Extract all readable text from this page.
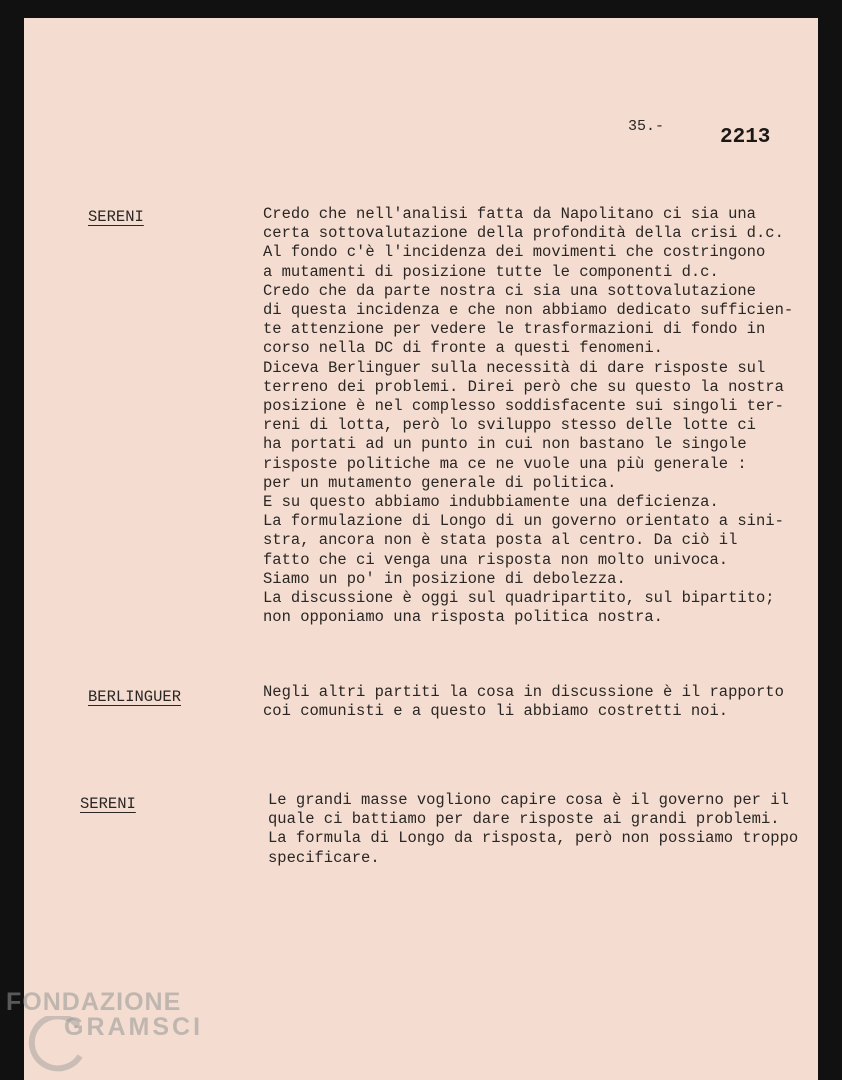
35.-	2213
SERENI	Credo che nell'analisi fatta da Napolitano ci sia una
certa sottovalutazione della profondità della crisi d.c.
Al fondo c'è l'incidenza dei movimenti che costringono
a mutamenti di posizione tutte le componenti d.c.
Credo che da parte nostra ci sia una sottovalutazione
di questa incidenza e che non abbiamo dedicato sufficien-
te attenzione per vedere le trasformazioni di fondo in
corso nella DC di fronte a questi fenomeni.
Diceva Berlinguer sulla necessità di dare risposte sul
terreno dei problemi. Direi però che su questo la nostra
posizione è nel complesso soddisfacente sui singoli ter-
reni di lotta, però lo sviluppo stesso delle lotte ci
ha portati ad un punto in cui non bastano le singole
risposte politiche ma ce ne vuole una più generale :
per un mutamento generale di politica.
E su questo abbiamo indubbiamente una deficienza.
La formulazione di Longo di un governo orientato a sini-
stra, ancora non è stata posta al centro. Da ciò il
fatto che ci venga una risposta non molto univoca.
Siamo un po' in posizione di debolezza.
La discussione è oggi sul quadripartito, sul bipartito;
non opponiamo una risposta politica nostra.
BERLINGUER	Negli altri partiti la cosa in discussione è il rapporto
coi comunisti e a questo li abbiamo costretti noi.
SERENI	Le grandi masse vogliono capire cosa è il governo per il
quale ci battiamo per dare risposte ai grandi problemi.
La formula di Longo da risposta, però non possiamo troppo
specificare.
FONDAZIONE
GRAMSCI
